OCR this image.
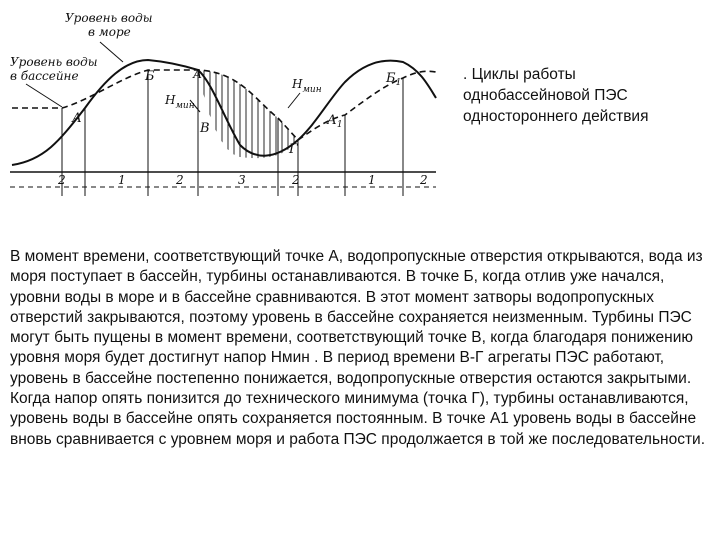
Уровень воды в море
Уровень воды в бассейне
А
Б	А
В
Г
$А_1$
$Б_1$
$H_{мин}$
$H_{мин}$
2	1	2	3	2	1	2

. Циклы работы
однобассейновой ПЭС
одностороннего действия

В момент времени, соответствующий точке А, водопропускные отверстия открываются, вода из моря поступает в бассейн, турбины останавливаются. В точке Б, когда отлив уже начался, уровни воды в море и в бассейне сравниваются. В этот момент затворы водопропускных отверстий закрываются, поэтому уровень в бассейне сохраняется неизменным. Турбины ПЭС могут быть пущены в момент времени, соответствующий точке В, когда благодаря понижению уровня моря будет достигнут напор Нмин . В период времени В-Г агрегаты ПЭС работают, уровень в бассейне постепенно понижается, водопропускные отверстия остаются закрытыми. Когда напор опять понизится до технического минимума (точка Г), турбины останавливаются, уровень воды в бассейне опять сохраняется постоянным. В точке А1 уровень воды в бассейне вновь сравнивается с уровнем моря и работа ПЭС продолжается в той же последовательности.
